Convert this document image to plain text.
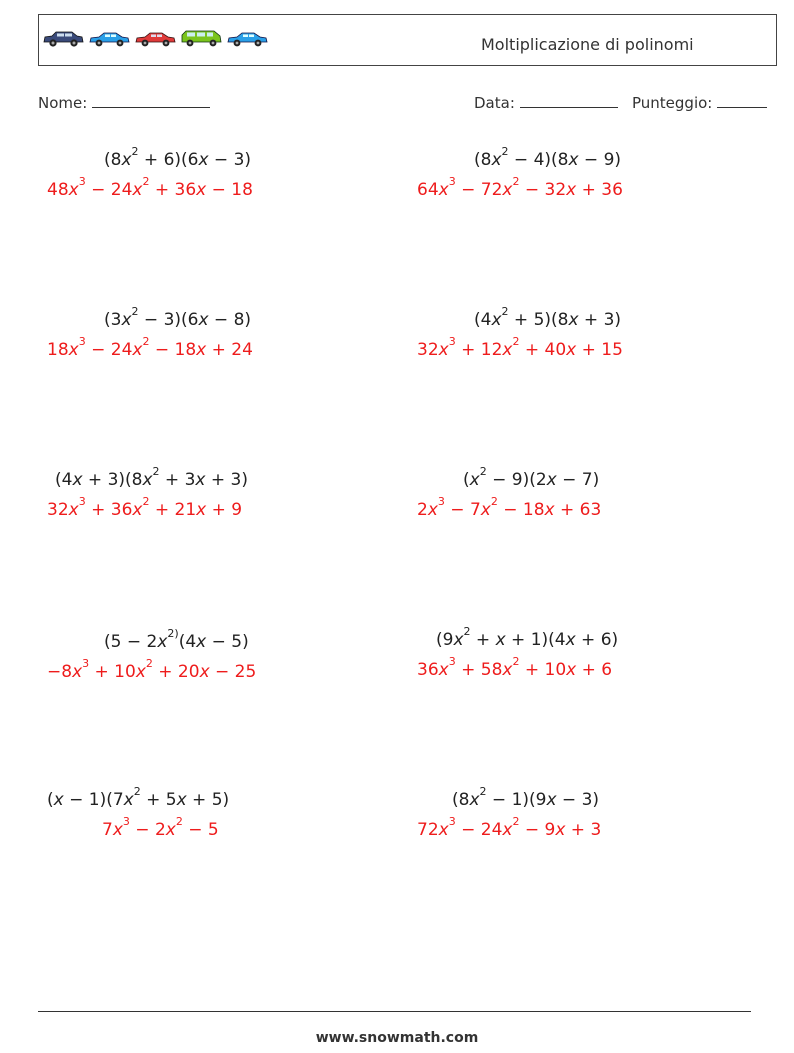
Moltiplicazione di polinomi
Nome:	Data:	Punteggio:
$(8x^2 + 6)(6x - 3)$
$48x^3 - 24x^2 + 36x - 18$
$(3x^2 - 3)(6x - 8)$
$18x^3 - 24x^2 - 18x + 24$
$(4x + 3)(8x^2 + 3x + 3)$
$32x^3 + 36x^2 + 21x + 9$
($5 - 2x^{2)}(4x - 5)$
$-8x^3 + 10x^2 + 20x - 25$
$(x - 1)(7x^2 + 5x + 5)$
$7x^3 - 2x^2 - 5$
$(8x^2 - 4)(8x - 9)$
$64x^3 - 72x^2 - 32x + 36$
$(4x^2 + 5)(8x + 3)$
$32x^3 + 12x^2 + 40x + 15$
$(x^2 - 9)(2x - 7)$
$2x^3 - 7x^2 - 18x + 63$
$(9x^2 + x + 1)(4x + 6)$
$36x^3 + 58x^2 + 10x + 6$
$(8x^2 - 1)(9x - 3)$
$72x^3 - 24x^2 - 9x + 3$
www.snowmath.com
